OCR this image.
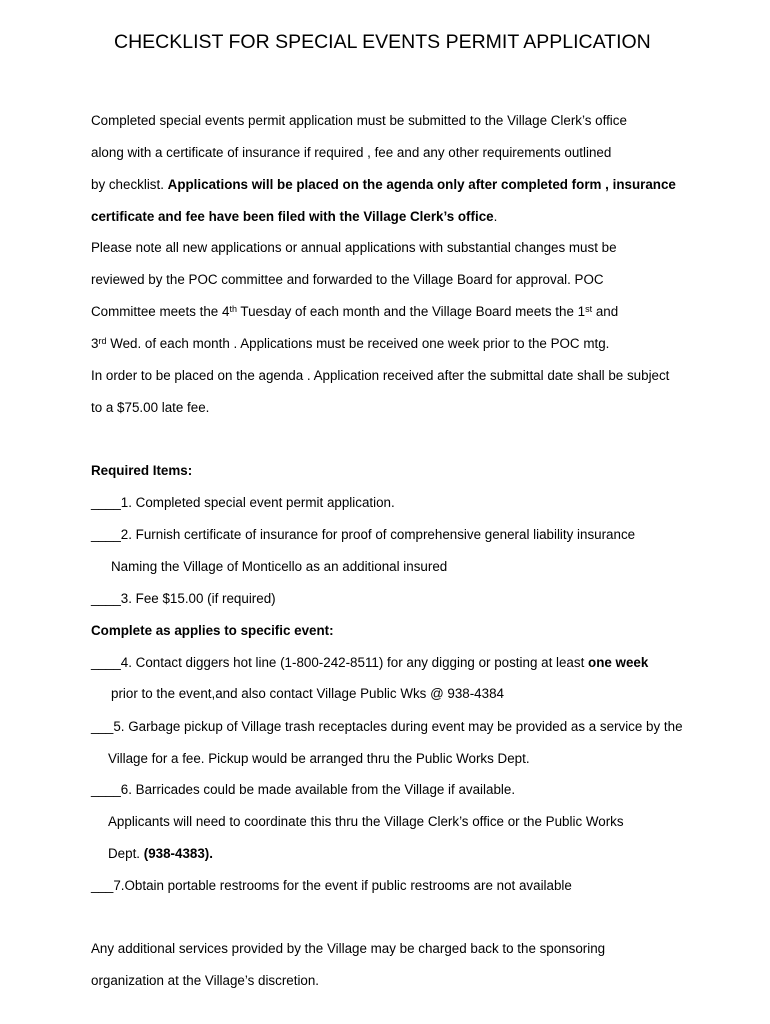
CHECKLIST FOR SPECIAL EVENTS PERMIT APPLICATION
Completed special events permit application must be submitted to the Village Clerk’s office
along with a certificate of insurance if required , fee and any other requirements outlined
by checklist. Applications will be placed on the agenda only after completed form , insurance
certificate and fee have been filed with the Village Clerk’s office.
Please note all new applications or annual applications with substantial changes must be
reviewed by the POC committee and forwarded to the Village Board for approval. POC
Committee meets the 4th Tuesday of each month and the Village Board meets the 1st and
3rd Wed. of each month . Applications must be received one week prior to the POC mtg.
In order to be placed on the agenda . Application received after the submittal date shall be subject
to a $75.00 late fee.
Required Items:
____1. Completed special event permit application.
____2. Furnish certificate of insurance for proof of comprehensive general liability insurance
Naming the Village of Monticello as an additional insured
____3. Fee $15.00 (if required)
Complete as applies to specific event:
____4. Contact diggers hot line (1-800-242-8511) for any digging or posting at least one week
prior to the event,and also contact Village Public Wks @ 938-4384
___5. Garbage pickup of Village trash receptacles during event may be provided as a service by the
Village for a fee. Pickup would be arranged thru the Public Works Dept.
____6. Barricades could be made available from the Village if available.
Applicants will need to coordinate this thru the Village Clerk’s office or the Public Works
Dept. (938-4383).
___7.Obtain portable restrooms for the event if public restrooms are not available
Any additional services provided by the Village may be charged back to the sponsoring
organization at the Village’s discretion.
